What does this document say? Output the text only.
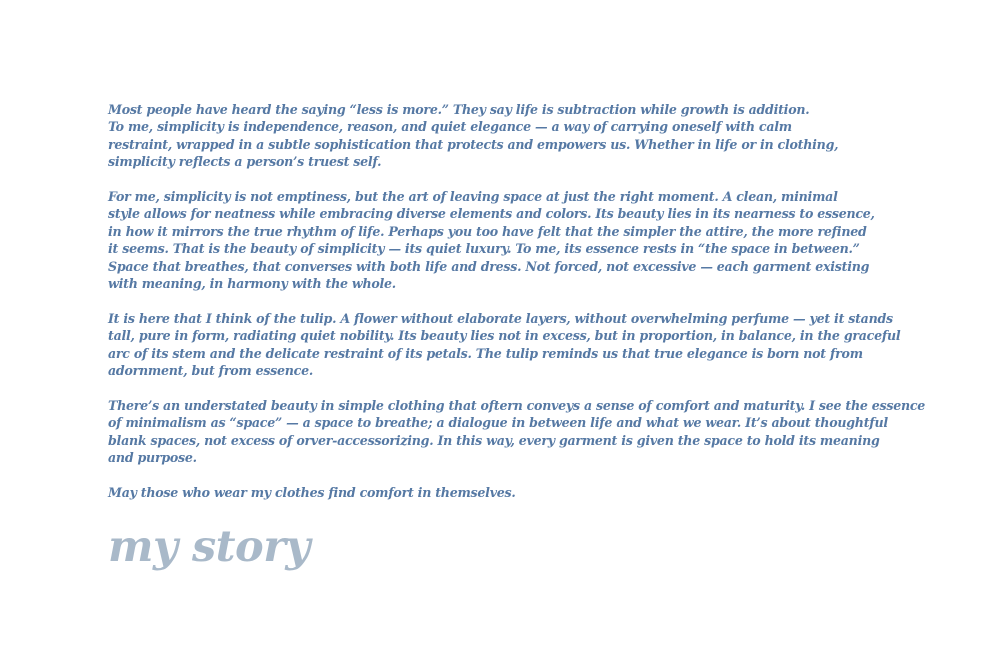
Most people have heard the saying “less is more.” They say life is subtraction while growth is addition.
To me, simplicity is independence, reason, and quiet elegance — a way of carrying oneself with calm
restraint, wrapped in a subtle sophistication that protects and empowers us. Whether in life or in clothing,
simplicity reflects a person’s truest self.

For me, simplicity is not emptiness, but the art of leaving space at just the right moment. A clean, minimal
style allows for neatness while embracing diverse elements and colors. Its beauty lies in its nearness to essence,
in how it mirrors the true rhythm of life. Perhaps you too have felt that the simpler the attire, the more refined
it seems. That is the beauty of simplicity — its quiet luxury. To me, its essence rests in “the space in between.”
Space that breathes, that converses with both life and dress. Not forced, not excessive — each garment existing
with meaning, in harmony with the whole.

It is here that I think of the tulip. A flower without elaborate layers, without overwhelming perfume — yet it stands
tall, pure in form, radiating quiet nobility. Its beauty lies not in excess, but in proportion, in balance, in the graceful
arc of its stem and the delicate restraint of its petals. The tulip reminds us that true elegance is born not from
adornment, but from essence.

There’s an understated beauty in simple clothing that oftern conveys a sense of comfort and maturity. I see the essence
of minimalism as “space” — a space to breathe; a dialogue in between life and what we wear. It’s about thoughtful
blank spaces, not excess of orver-accessorizing. In this way, every garment is given the space to hold its meaning
and purpose.

May those who wear my clothes find comfort in themselves.

my story
